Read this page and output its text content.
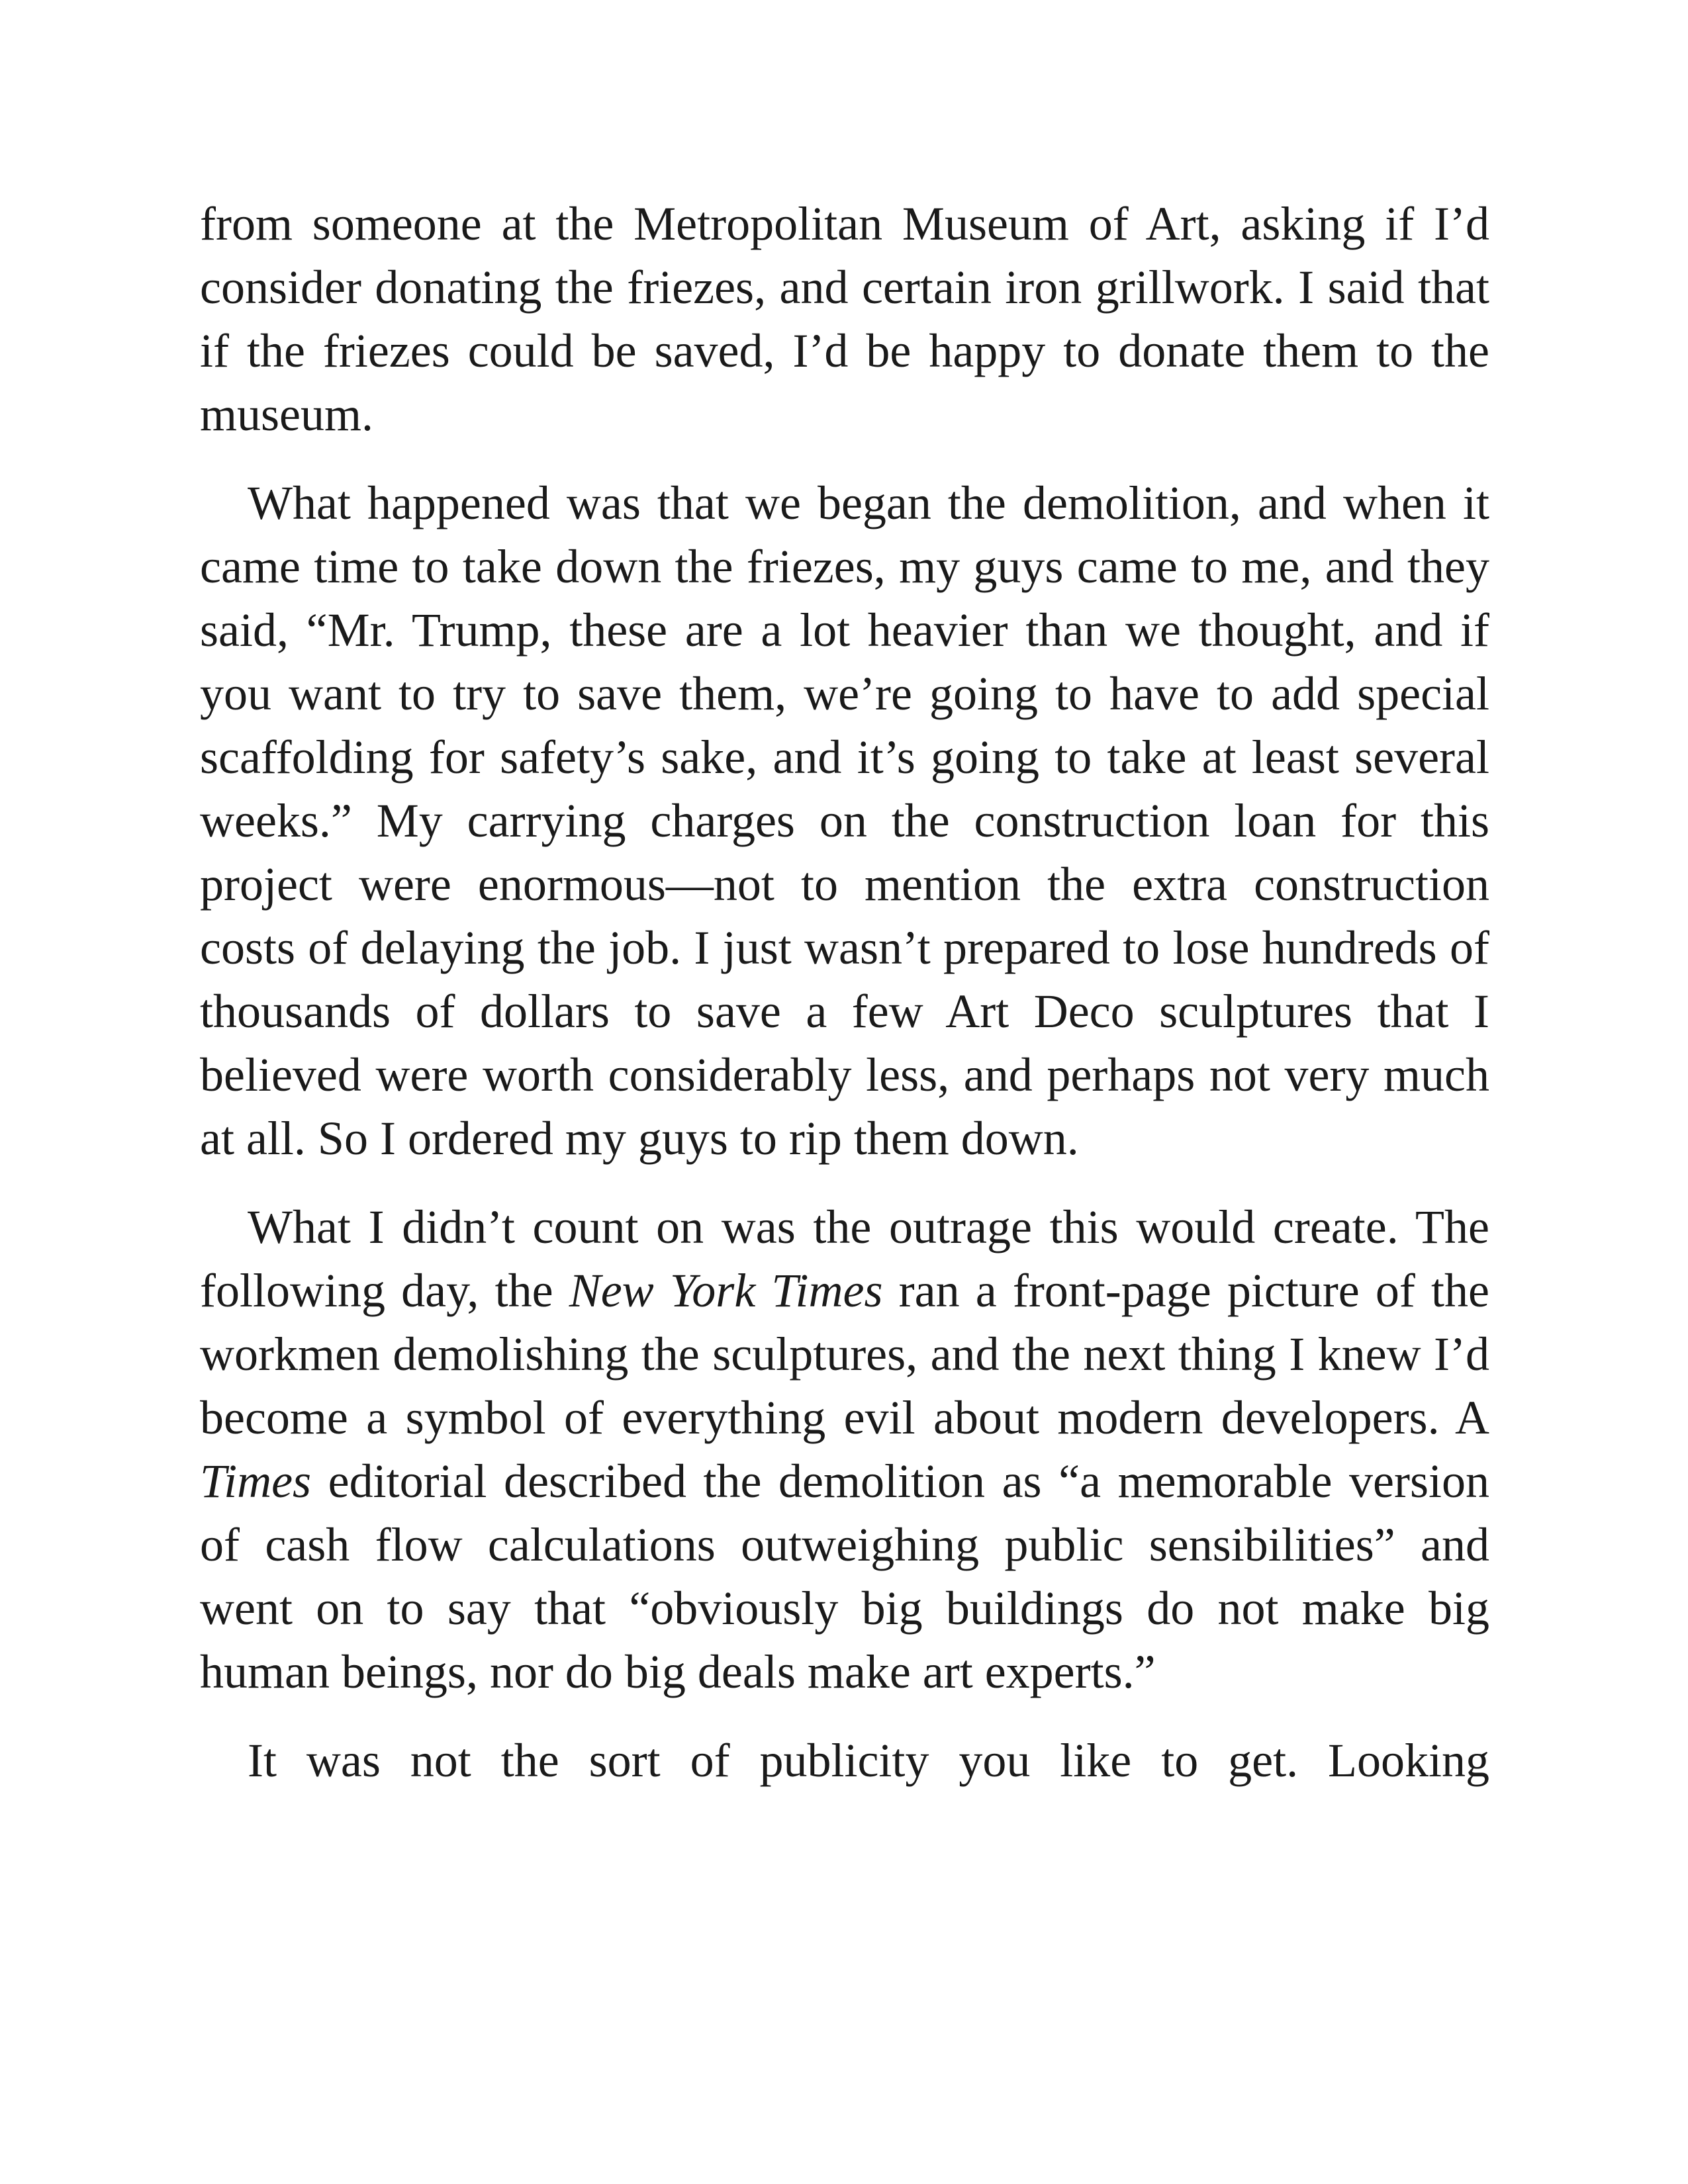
from someone at the Metropolitan Museum of Art, asking if I’d consider donating the friezes, and certain iron grillwork. I said that if the friezes could be saved, I’d be happy to donate them to the museum.

What happened was that we began the demolition, and when it came time to take down the friezes, my guys came to me, and they said, “Mr. Trump, these are a lot heavier than we thought, and if you want to try to save them, we’re going to have to add special scaffolding for safety’s sake, and it’s going to take at least several weeks.” My carrying charges on the construction loan for this project were enormous—not to mention the extra construction costs of delaying the job. I just wasn’t prepared to lose hundreds of thousands of dollars to save a few Art Deco sculptures that I believed were worth considerably less, and perhaps not very much at all. So I ordered my guys to rip them down.

What I didn’t count on was the outrage this would create. The following day, the New York Times ran a front-page picture of the workmen demolishing the sculptures, and the next thing I knew I’d become a symbol of everything evil about modern developers. A Times editorial described the demolition as “a memorable version of cash flow calculations outweighing public sensibilities” and went on to say that “obviously big buildings do not make big human beings, nor do big deals make art experts.”

It was not the sort of publicity you like to get. Looking
